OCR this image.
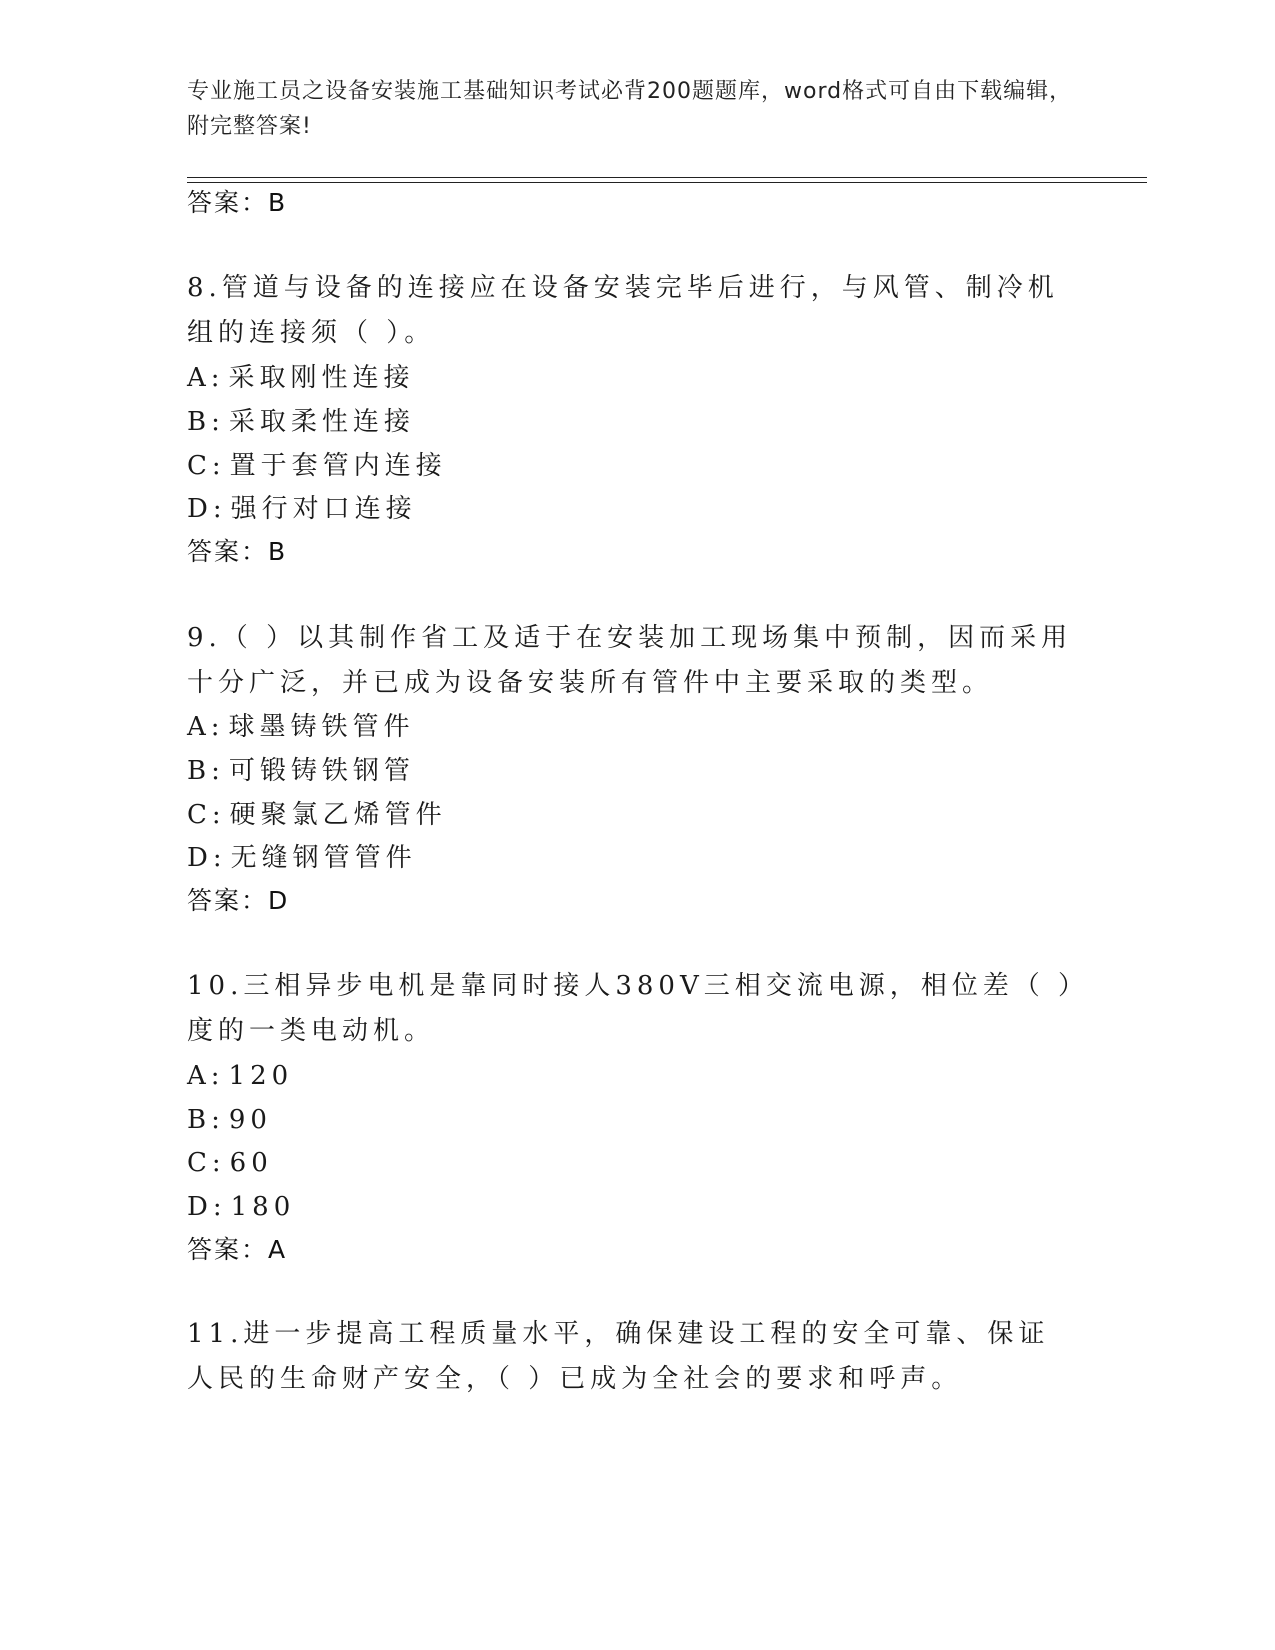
专业施工员之设备安装施工基础知识考试必背200题题库，word格式可自由下载编辑，附完整答案!
答案：B
8.管道与设备的连接应在设备安装完毕后进行，与风管、制冷机组的连接须（ ）。
A: 采取刚性连接
B: 采取柔性连接
C: 置于套管内连接
D: 强行对口连接
答案：B
9.（ ）以其制作省工及适于在安装加工现场集中预制，因而采用十分广泛，并已成为设备安装所有管件中主要采取的类型。
A: 球墨铸铁管件
B: 可锻铸铁钢管
C: 硬聚氯乙烯管件
D: 无缝钢管管件
答案：D
10.三相异步电机是靠同时接人380V三相交流电源，相位差（ ）度的一类电动机。
A: 120
B: 90
C: 60
D: 180
答案：A
11.进一步提高工程质量水平，确保建设工程的安全可靠、保证人民的生命财产安全，（ ）已成为全社会的要求和呼声。
